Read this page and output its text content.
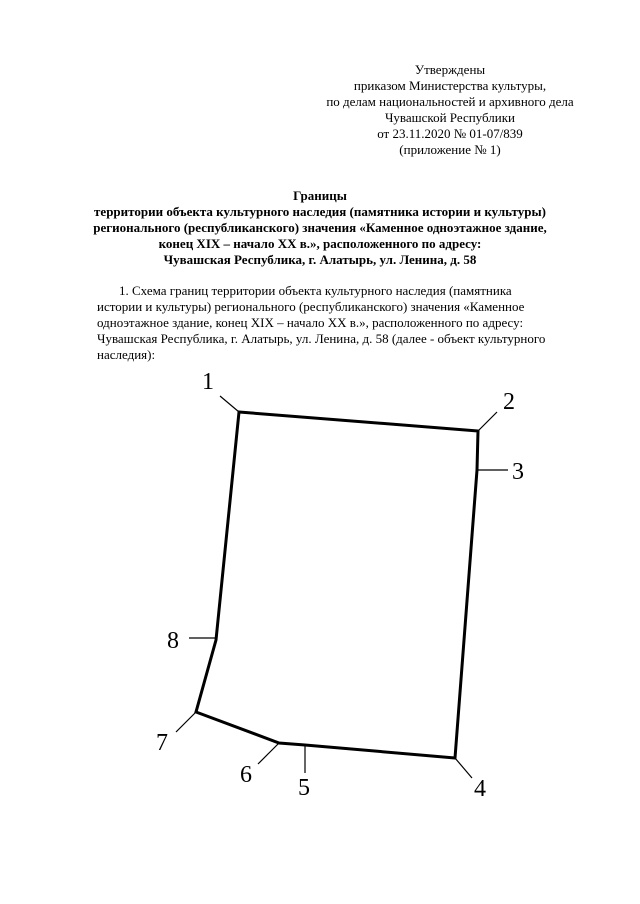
Утверждены
приказом Министерства культуры,
по делам национальностей и архивного дела
Чувашской Республики
от 23.11.2020 № 01-07/839
(приложение № 1)
Границы
территории объекта культурного наследия (памятника истории и культуры)
регионального (республиканского) значения «Каменное одноэтажное здание,
конец XIX – начало XX в.», расположенного по адресу:
Чувашская Республика, г. Алатырь, ул. Ленина, д. 58
1. Схема границ территории объекта культурного наследия (памятника
истории и культуры) регионального (республиканского) значения «Каменное
одноэтажное здание, конец XIX – начало XX в.», расположенного по адресу:
Чувашская Республика, г. Алатырь, ул. Ленина, д. 58 (далее - объект культурного
наследия):
1
2
3
4
5
6
7
8
